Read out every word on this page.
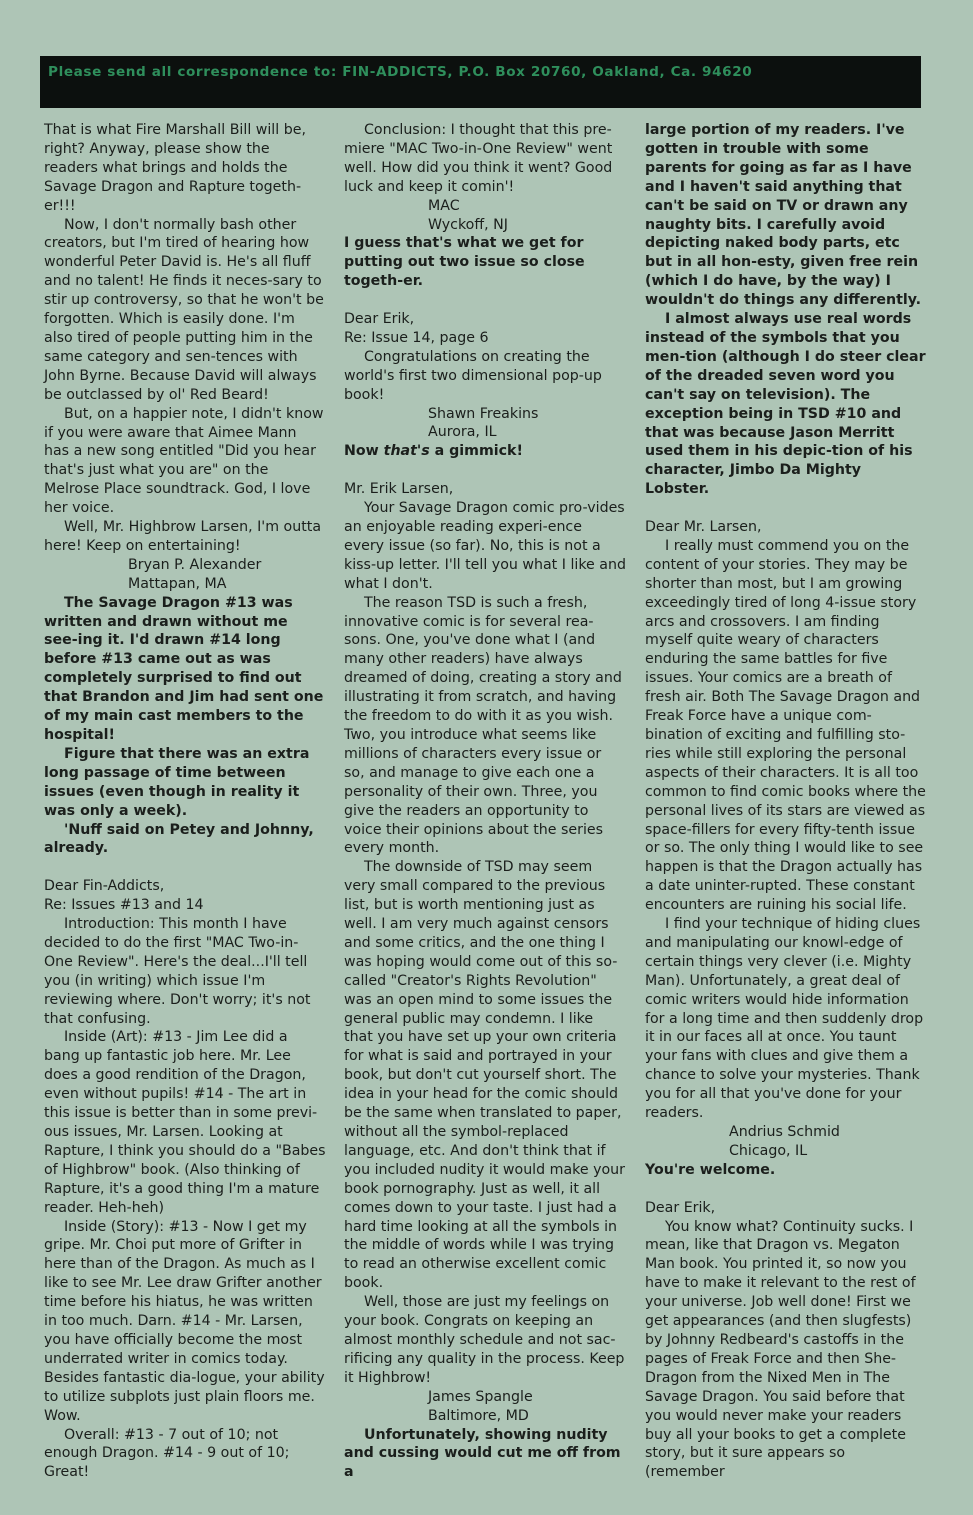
Please send all correspondence to: FIN-ADDICTS, P.O. Box 20760, Oakland, Ca. 94620

That is what Fire Marshall Bill will be, right? Anyway, please show the readers what brings and holds the Savage Dragon and Rapture togeth-er!!!

Now, I don't normally bash other creators, but I'm tired of hearing how wonderful Peter David is. He's all fluff and no talent! He finds it neces-sary to stir up controversy, so that he won't be forgotten. Which is easily done. I'm also tired of people putting him in the same category and sen-tences with John Byrne. Because David will always be outclassed by ol' Red Beard!

But, on a happier note, I didn't know if you were aware that Aimee Mann has a new song entitled "Did you hear that's just what you are" on the Melrose Place soundtrack. God, I love her voice.

Well, Mr. Highbrow Larsen, I'm outta here! Keep on entertaining!

Bryan P. Alexander

Mattapan, MA

The Savage Dragon #13 was written and drawn without me see-ing it. I'd drawn #14 long before #13 came out as was completely surprised to find out that Brandon and Jim had sent one of my main cast members to the hospital!

Figure that there was an extra long passage of time between issues (even though in reality it was only a week).

'Nuff said on Petey and Johnny, already.

Dear Fin-Addicts,

Re: Issues #13 and 14

Introduction: This month I have decided to do the first "MAC Two-in-One Review". Here's the deal...I'll tell you (in writing) which issue I'm reviewing where. Don't worry; it's not that confusing.

Inside (Art): #13 - Jim Lee did a bang up fantastic job here. Mr. Lee does a good rendition of the Dragon, even without pupils! #14 - The art in this issue is better than in some previ-ous issues, Mr. Larsen. Looking at Rapture, I think you should do a "Babes of Highbrow" book. (Also thinking of Rapture, it's a good thing I'm a mature reader. Heh-heh)

Inside (Story): #13 - Now I get my gripe. Mr. Choi put more of Grifter in here than of the Dragon. As much as I like to see Mr. Lee draw Grifter another time before his hiatus, he was written in too much. Darn. #14 - Mr. Larsen, you have officially become the most underrated writer in comics today. Besides fantastic dia-logue, your ability to utilize subplots just plain floors me. Wow.

Overall: #13 - 7 out of 10; not enough Dragon. #14 - 9 out of 10; Great!

Conclusion: I thought that this pre-miere "MAC Two-in-One Review" went well. How did you think it went? Good luck and keep it comin'!

MAC

Wyckoff, NJ

I guess that's what we get for putting out two issue so close togeth-er.

Dear Erik,

Re: Issue 14, page 6

Congratulations on creating the world's first two dimensional pop-up book!

Shawn Freakins

Aurora, IL

Now that's a gimmick!

Mr. Erik Larsen,

Your Savage Dragon comic pro-vides an enjoyable reading experi-ence every issue (so far). No, this is not a kiss-up letter. I'll tell you what I like and what I don't.

The reason TSD is such a fresh, innovative comic is for several rea-sons. One, you've done what I (and many other readers) have always dreamed of doing, creating a story and illustrating it from scratch, and having the freedom to do with it as you wish. Two, you introduce what seems like millions of characters every issue or so, and manage to give each one a personality of their own. Three, you give the readers an opportunity to voice their opinions about the series every month.

The downside of TSD may seem very small compared to the previous list, but is worth mentioning just as well. I am very much against censors and some critics, and the one thing I was hoping would come out of this so-called "Creator's Rights Revolution" was an open mind to some issues the general public may condemn. I like that you have set up your own criteria for what is said and portrayed in your book, but don't cut yourself short. The idea in your head for the comic should be the same when translated to paper, without all the symbol-replaced language, etc. And don't think that if you included nudity it would make your book pornography. Just as well, it all comes down to your taste. I just had a hard time looking at all the symbols in the middle of words while I was trying to read an otherwise excellent comic book.

Well, those are just my feelings on your book. Congrats on keeping an almost monthly schedule and not sac-rificing any quality in the process. Keep it Highbrow!

James Spangle

Baltimore, MD

Unfortunately, showing nudity and cussing would cut me off from a

large portion of my readers. I've gotten in trouble with some parents for going as far as I have and I haven't said anything that can't be said on TV or drawn any naughty bits. I carefully avoid depicting naked body parts, etc but in all hon-esty, given free rein (which I do have, by the way) I wouldn't do things any differently.

I almost always use real words instead of the symbols that you men-tion (although I do steer clear of the dreaded seven word you can't say on television). The exception being in TSD #10 and that was because Jason Merritt used them in his depic-tion of his character, Jimbo Da Mighty Lobster.

Dear Mr. Larsen,

I really must commend you on the content of your stories. They may be shorter than most, but I am growing exceedingly tired of long 4-issue story arcs and crossovers. I am finding myself quite weary of characters enduring the same battles for five issues. Your comics are a breath of fresh air. Both The Savage Dragon and Freak Force have a unique com-bination of exciting and fulfilling sto-ries while still exploring the personal aspects of their characters. It is all too common to find comic books where the personal lives of its stars are viewed as space-fillers for every fifty-tenth issue or so. The only thing I would like to see happen is that the Dragon actually has a date uninter-rupted. These constant encounters are ruining his social life.

I find your technique of hiding clues and manipulating our knowl-edge of certain things very clever (i.e. Mighty Man). Unfortunately, a great deal of comic writers would hide information for a long time and then suddenly drop it in our faces all at once. You taunt your fans with clues and give them a chance to solve your mysteries. Thank you for all that you've done for your readers.

Andrius Schmid

Chicago, IL

You're welcome.

Dear Erik,

You know what? Continuity sucks. I mean, like that Dragon vs. Megaton Man book. You printed it, so now you have to make it relevant to the rest of your universe. Job well done! First we get appearances (and then slugfests) by Johnny Redbeard's castoffs in the pages of Freak Force and then She-Dragon from the Nixed Men in The Savage Dragon. You said before that you would never make your readers buy all your books to get a complete story, but it sure appears so (remember
